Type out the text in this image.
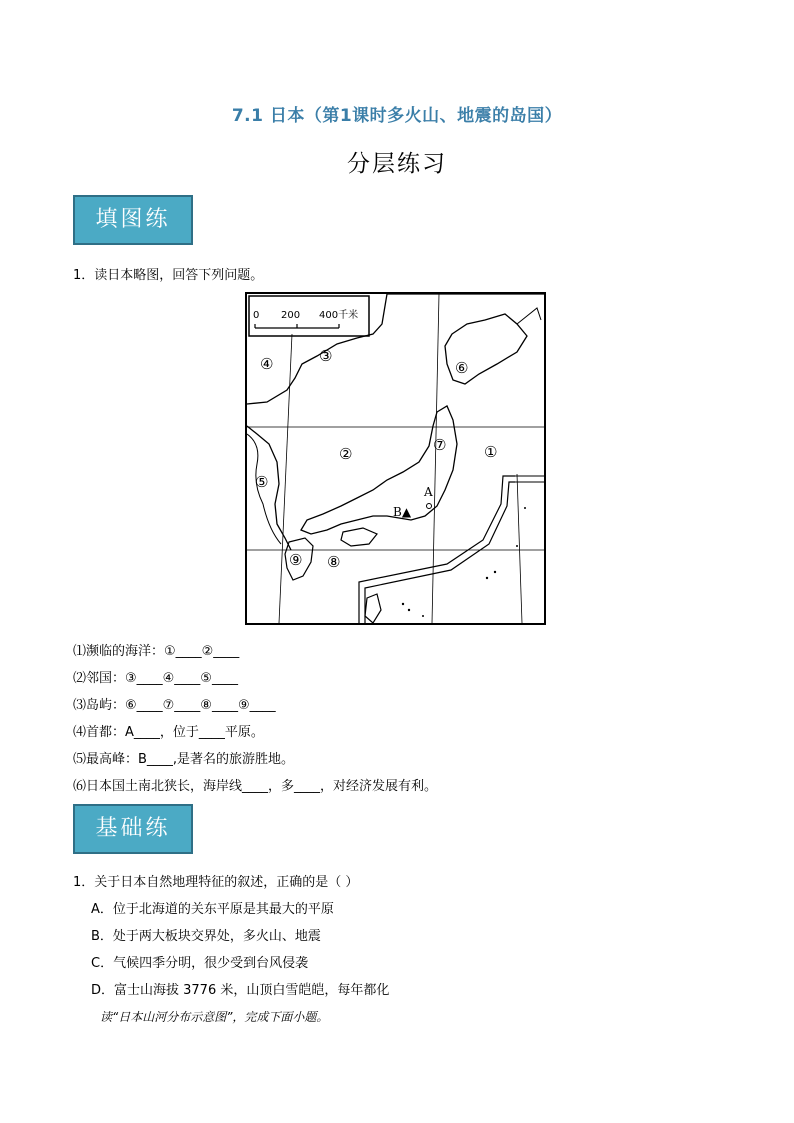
7.1 日本（第1课时多火山、地震的岛国）
分层练习
填图练
1．读日本略图，回答下列问题。
0 200 400千米
A
B▲
①
②
③
④
⑤
⑥
⑦
⑧
⑨
⑴濒临的海洋：①____②____
⑵邻国：③____④____⑤____
⑶岛屿：⑥____⑦____⑧____⑨____
⑷首都：A____，位于____平原。
⑸最高峰：B____,是著名的旅游胜地。
⑹日本国土南北狭长，海岸线____，多____，对经济发展有利。
基础练
1．关于日本自然地理特征的叙述，正确的是（ ）
A．位于北海道的关东平原是其最大的平原
B．处于两大板块交界处，多火山、地震
C．气候四季分明，很少受到台风侵袭
D．富士山海拔 3776 米，山顶白雪皑皑，每年都化
读“日本山河分布示意图”，完成下面小题。
